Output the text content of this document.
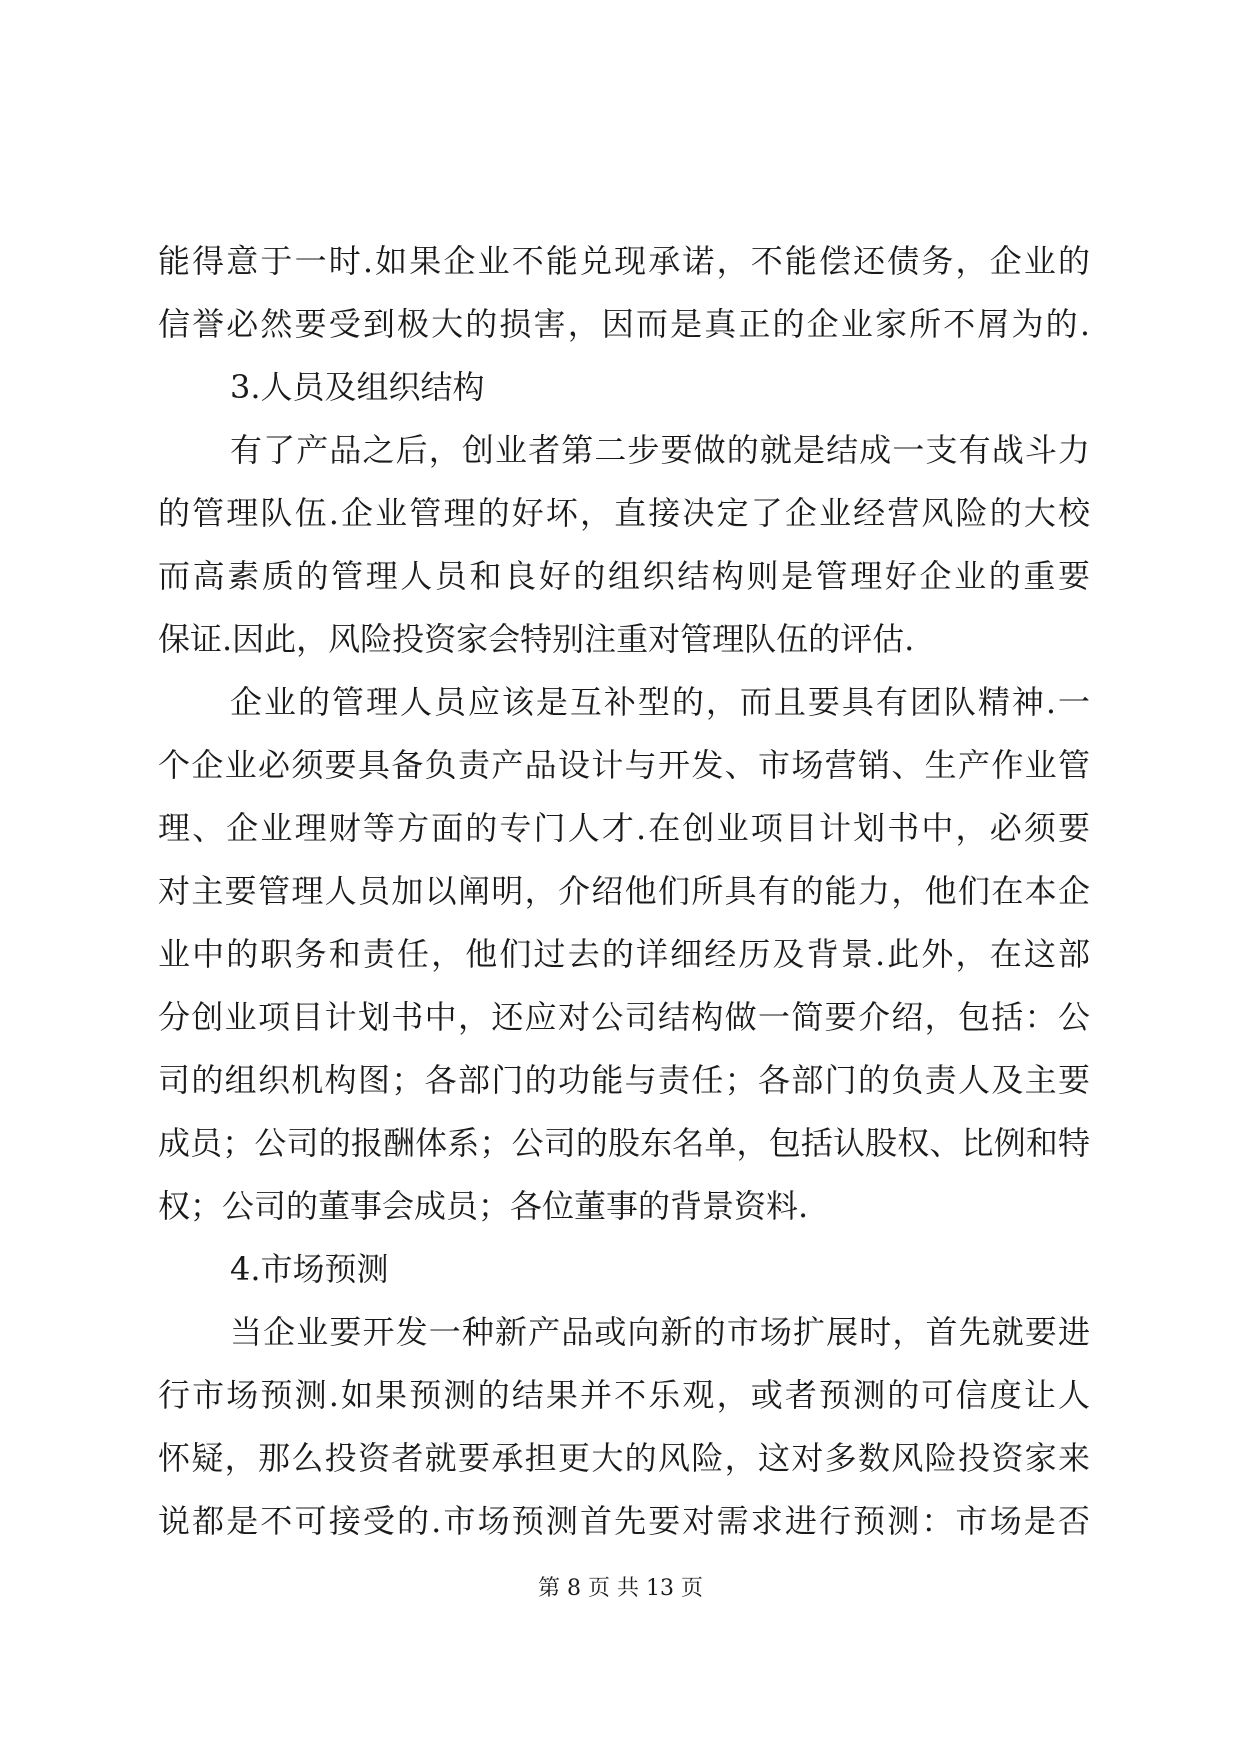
能得意于一时.如果企业不能兑现承诺，不能偿还债务，企业的
信誉必然要受到极大的损害，因而是真正的企业家所不屑为的.
3.人员及组织结构
有了产品之后，创业者第二步要做的就是结成一支有战斗力
的管理队伍.企业管理的好坏，直接决定了企业经营风险的大校
而高素质的管理人员和良好的组织结构则是管理好企业的重要
保证.因此，风险投资家会特别注重对管理队伍的评估.
企业的管理人员应该是互补型的，而且要具有团队精神.一
个企业必须要具备负责产品设计与开发、市场营销、生产作业管
理、企业理财等方面的专门人才.在创业项目计划书中，必须要
对主要管理人员加以阐明，介绍他们所具有的能力，他们在本企
业中的职务和责任，他们过去的详细经历及背景.此外，在这部
分创业项目计划书中，还应对公司结构做一简要介绍，包括：公
司的组织机构图；各部门的功能与责任；各部门的负责人及主要
成员；公司的报酬体系；公司的股东名单，包括认股权、比例和特
权；公司的董事会成员；各位董事的背景资料.
4.市场预测
当企业要开发一种新产品或向新的市场扩展时，首先就要进
行市场预测.如果预测的结果并不乐观，或者预测的可信度让人
怀疑，那么投资者就要承担更大的风险，这对多数风险投资家来
说都是不可接受的.市场预测首先要对需求进行预测：市场是否
第 8 页 共 13 页
